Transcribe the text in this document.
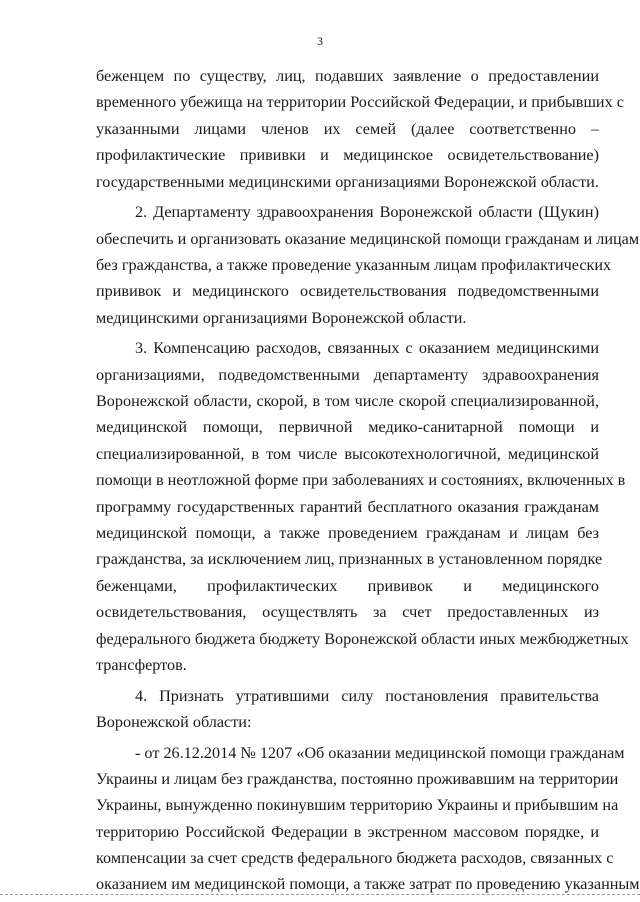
3
беженцем по существу, лиц, подавших заявление о предоставлении
временного убежища на территории Российской Федерации, и прибывших с
указанными лицами членов их семей (далее соответственно –
профилактические прививки и медицинское освидетельствование)
государственными медицинскими организациями Воронежской области.
2. Департаменту здравоохранения Воронежской области (Щукин)
обеспечить и организовать оказание медицинской помощи гражданам и лицам
без гражданства, а также проведение указанным лицам профилактических
прививок и медицинского освидетельствования подведомственными
медицинскими организациями Воронежской области.
3. Компенсацию расходов, связанных с оказанием медицинскими
организациями, подведомственными департаменту здравоохранения
Воронежской области, скорой, в том числе скорой специализированной,
медицинской помощи, первичной медико-санитарной помощи и
специализированной, в том числе высокотехнологичной, медицинской
помощи в неотложной форме при заболеваниях и состояниях, включенных в
программу государственных гарантий бесплатного оказания гражданам
медицинской помощи, а также проведением гражданам и лицам без
гражданства, за исключением лиц, признанных в установленном порядке
беженцами, профилактических прививок и медицинского
освидетельствования, осуществлять за счет предоставленных из
федерального бюджета бюджету Воронежской области иных межбюджетных
трансфертов.
4. Признать утратившими силу постановления правительства
Воронежской области:
- от 26.12.2014 № 1207 «Об оказании медицинской помощи гражданам
Украины и лицам без гражданства, постоянно проживавшим на территории
Украины, вынужденно покинувшим территорию Украины и прибывшим на
территорию Российской Федерации в экстренном массовом порядке, и
компенсации за счет средств федерального бюджета расходов, связанных с
оказанием им медицинской помощи, а также затрат по проведению указанным
